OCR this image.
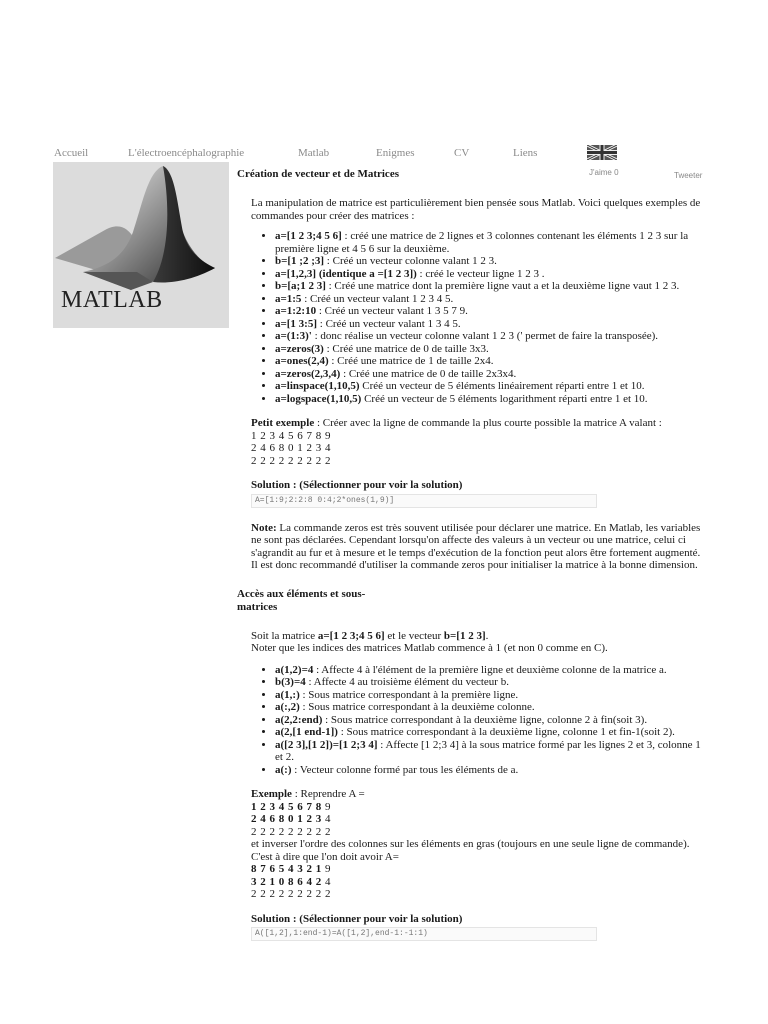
Accueil	L'électroencéphalographie	Matlab	Enigmes	CV	Liens
J'aime 0	Tweeter
MATLAB
Création de vecteur et de Matrices

La manipulation de matrice est particulièrement bien pensée sous Matlab. Voici quelques exemples de commandes pour créer des matrices :

• a=[1 2 3;4 5 6] : créé une matrice de 2 lignes et 3 colonnes contenant les éléments 1 2 3 sur la première ligne et 4 5 6 sur la deuxième.
• b=[1 ;2 ;3] : Créé un vecteur colonne valant 1 2 3.
• a=[1,2,3] (identique a =[1 2 3]) : créé le vecteur ligne 1 2 3 .
• b=[a;1 2 3] : Créé une matrice dont la première ligne vaut a et la deuxième ligne vaut 1 2 3.
• a=1:5 : Créé un vecteur valant 1 2 3 4 5.
• a=1:2:10 : Créé un vecteur valant 1 3 5 7 9.
• a=[1 3:5] : Créé un vecteur valant 1 3 4 5.
• a=(1:3)' : donc réalise un vecteur colonne valant 1 2 3 (' permet de faire la transposée).
• a=zeros(3) : Créé une matrice de 0 de taille 3x3.
• a=ones(2,4) : Créé une matrice de 1 de taille 2x4.
• a=zeros(2,3,4) : Créé une matrice de 0 de taille 2x3x4.
• a=linspace(1,10,5) Créé un vecteur de 5 éléments linéairement réparti entre 1 et 10.
• a=logspace(1,10,5) Créé un vecteur de 5 éléments logarithment réparti entre 1 et 10.

Petit exemple : Créer avec la ligne de commande la plus courte possible la matrice A valant :

1 2 3 4 5 6 7 8 9
2 4 6 8 0 1 2 3 4
2 2 2 2 2 2 2 2 2
Solution : (Sélectionner pour voir la solution)
A=[1:9;2:2:8 0:4;2*ones(1,9)]

Note: La commande zeros est très souvent utilisée pour déclarer une matrice. En Matlab, les variables ne sont pas déclarées. Cependant lorsqu'on affecte des valeurs à un vecteur ou une matrice, celui ci s'agrandit au fur et à mesure et le temps d'exécution de la fonction peut alors être fortement augmenté. Il est donc recommandé d'utiliser la commande zeros pour initialiser la matrice à la bonne dimension.

Accès aux éléments et sous-matrices

Soit la matrice a=[1 2 3;4 5 6] et le vecteur b=[1 2 3].

Noter que les indices des matrices Matlab commence à 1 (et non 0 comme en C).

• a(1,2)=4 : Affecte 4 à l'élément de la première ligne et deuxième colonne de la matrice a.
• b(3)=4 : Affecte 4 au troisième élément du vecteur b.
• a(1,:) : Sous matrice correspondant à la première ligne.
• a(:,2) : Sous matrice correspondant à la deuxième colonne.
• a(2,2:end) : Sous matrice correspondant à la deuxième ligne, colonne 2 à fin(soit 3).
• a(2,[1 end-1]) : Sous matrice correspondant à la deuxième ligne, colonne 1 et fin-1(soit 2).
• a([2 3],[1 2])=[1 2;3 4] : Affecte [1 2;3 4] à la sous matrice formé par les lignes 2 et 3, colonne 1 et 2.
• a(:) : Vecteur colonne formé par tous les éléments de a.

Exemple : Reprendre A =

1 2 3 4 5 6 7 8 9
2 4 6 8 0 1 2 3 4
2 2 2 2 2 2 2 2 2

et inverser l'ordre des colonnes sur les éléments en gras (toujours en une seule ligne de commande). C'est à dire que l'on doit avoir A=

8 7 6 5 4 3 2 1 9
3 2 1 0 8 6 4 2 4
2 2 2 2 2 2 2 2 2
Solution : (Sélectionner pour voir la solution)
A([1,2],1:end-1)=A([1,2],end-1:-1:1)
